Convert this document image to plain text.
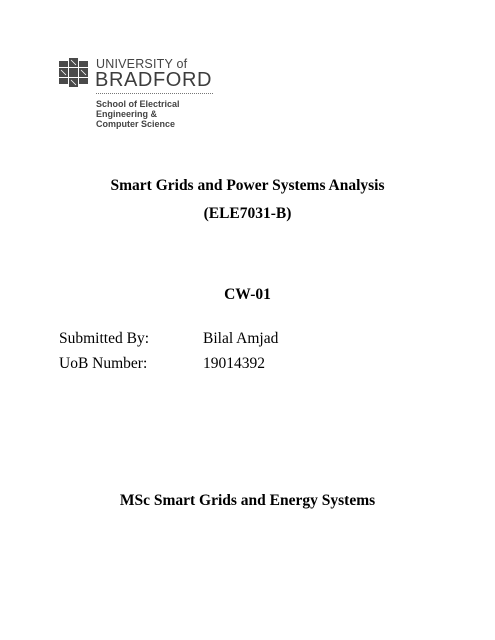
UNIVERSITY of
BRADFORD
School of Electrical
Engineering &
Computer Science
Smart Grids and Power Systems Analysis
(ELE7031-B)
CW-01
Submitted By:	Bilal Amjad
UoB Number:	19014392
MSc Smart Grids and Energy Systems
